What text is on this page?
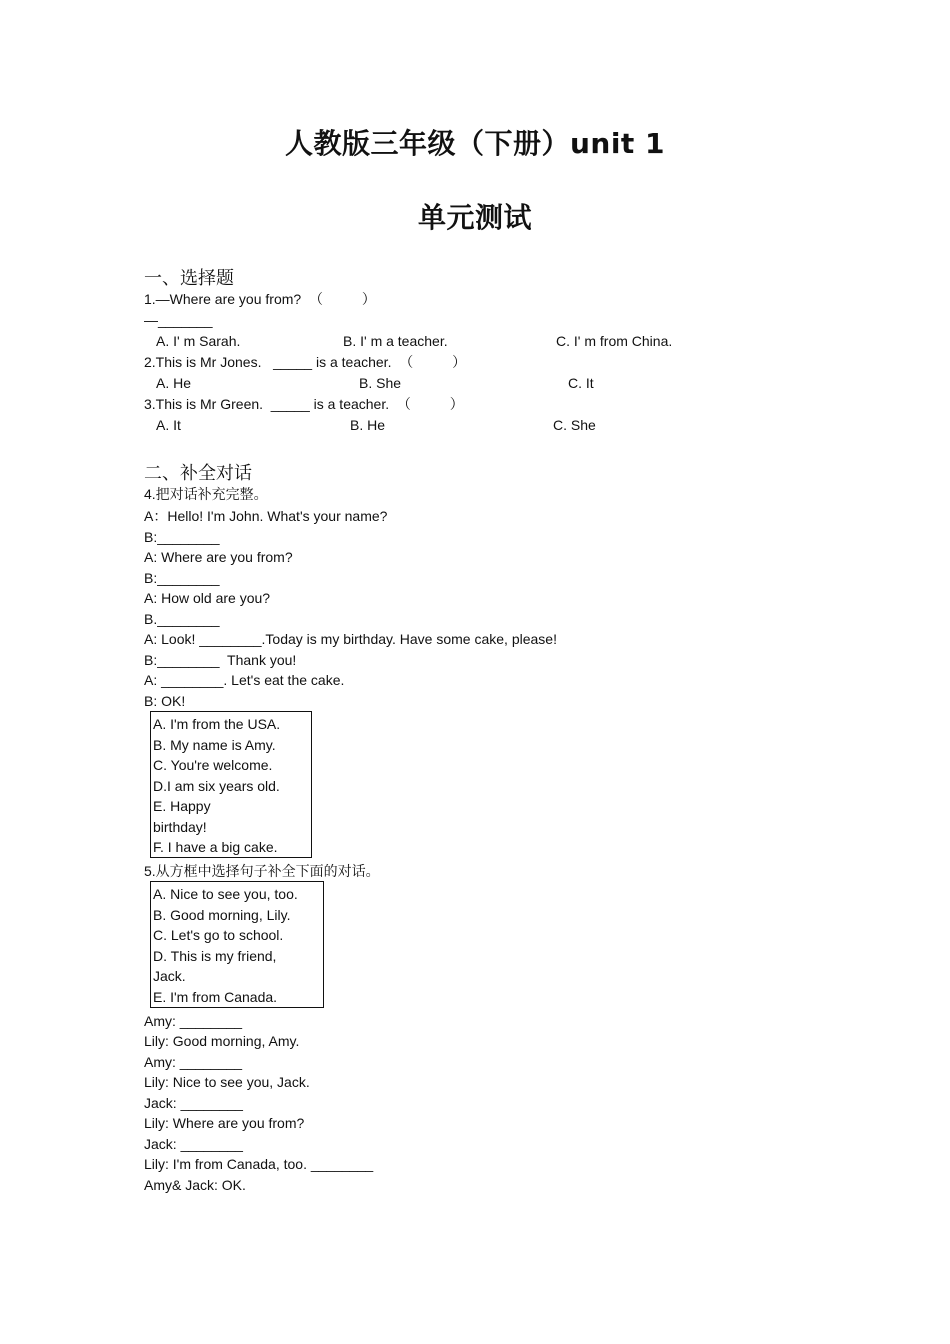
人教版三年级（下册）unit 1
单元测试
一、选择题
1.—Where are you from?  （          ）
—_______
A. I' m Sarah.	B. I' m a teacher.	C. I' m from China.
2.This is Mr Jones.   _____ is a teacher.  （          ）
A. He	B. She	C. It
3.This is Mr Green.  _____ is a teacher.  （          ）
A. It	B. He	C. She
二、补全对话
4.把对话补充完整。
A：Hello! I'm John. What's your name?
B:________
A: Where are you from?
B:________
A: How old are you?
B.________
A: Look! ________.Today is my birthday. Have some cake, please!
B:________  Thank you!
A: ________. Let's eat the cake.
B: OK!
A. I'm from the USA.
B. My name is Amy.
C. You're welcome.
D.I am six years old.
E. Happy
birthday!
F. I have a big cake.
5.从方框中选择句子补全下面的对话。
A. Nice to see you, too.
B. Good morning, Lily.
C. Let's go to school.
D. This is my friend,
Jack.
E. I'm from Canada.
Amy: ________
Lily: Good morning, Amy.
Amy: ________
Lily: Nice to see you, Jack.
Jack: ________
Lily: Where are you from?
Jack: ________
Lily: I'm from Canada, too. ________
Amy& Jack: OK.
